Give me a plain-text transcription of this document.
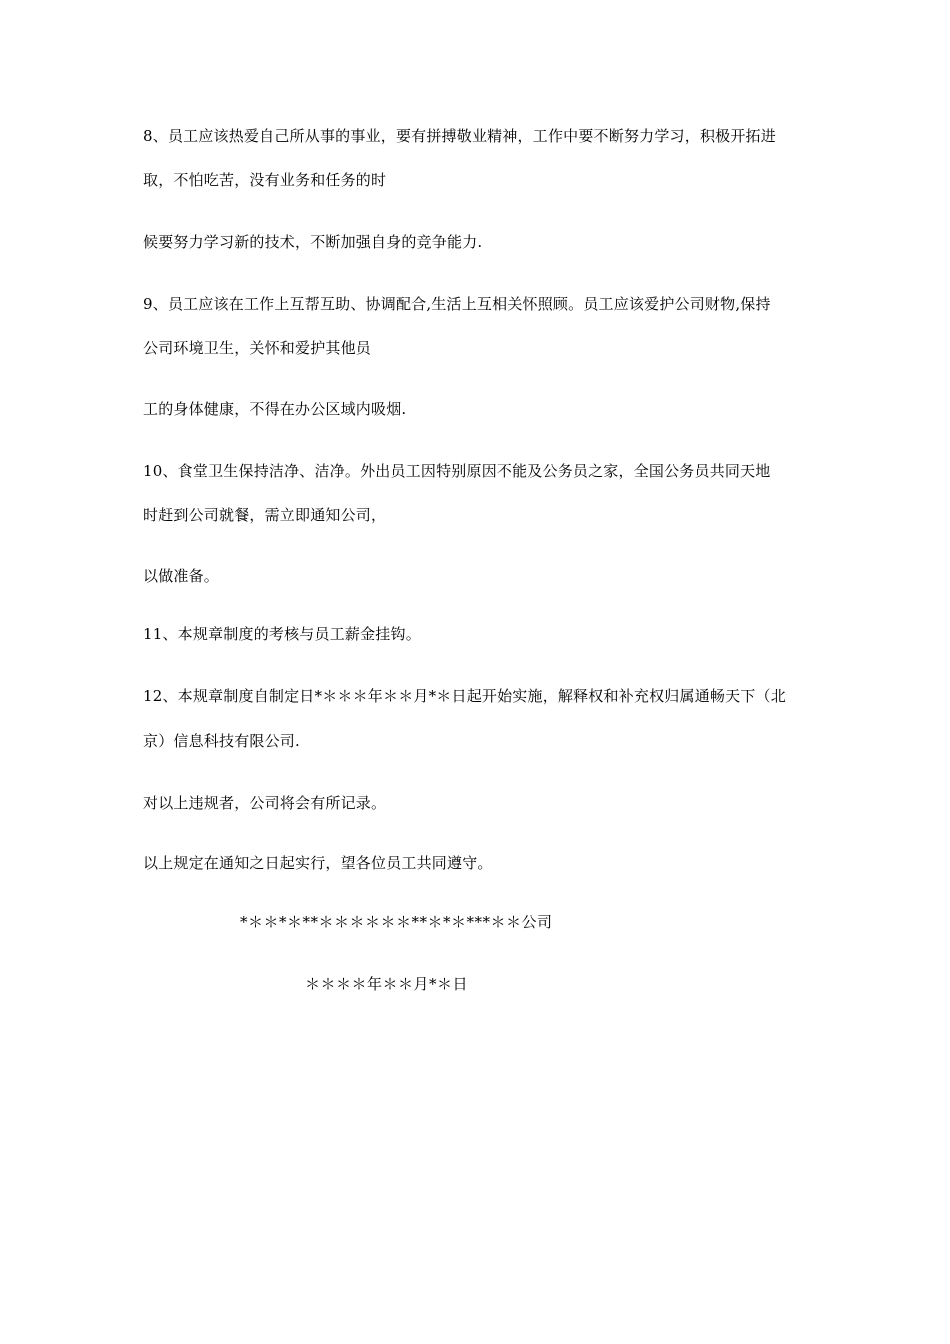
8、员工应该热爱自己所从事的事业，要有拼搏敬业精神，工作中要不断努力学习，积极开拓进
取，不怕吃苦，没有业务和任务的时
候要努力学习新的技术，不断加强自身的竞争能力.
9、员工应该在工作上互帮互助、协调配合,生活上互相关怀照顾。员工应该爱护公司财物,保持
公司环境卫生，关怀和爱护其他员
工的身体健康，不得在办公区域内吸烟.
10、食堂卫生保持洁净、洁净。外出员工因特别原因不能及公务员之家，全国公务员共同天地
时赶到公司就餐，需立即通知公司，
以做准备。
11、本规章制度的考核与员工薪金挂钩。
12、本规章制度自制定日*＊＊＊年＊＊月*＊日起开始实施，解释权和补充权归属通畅天下（北
京）信息科技有限公司.
对以上违规者，公司将会有所记录。
以上规定在通知之日起实行，望各位员工共同遵守。
*＊＊*＊**＊＊＊＊＊＊**＊*＊***＊＊公司
＊＊＊＊年＊＊月*＊日
